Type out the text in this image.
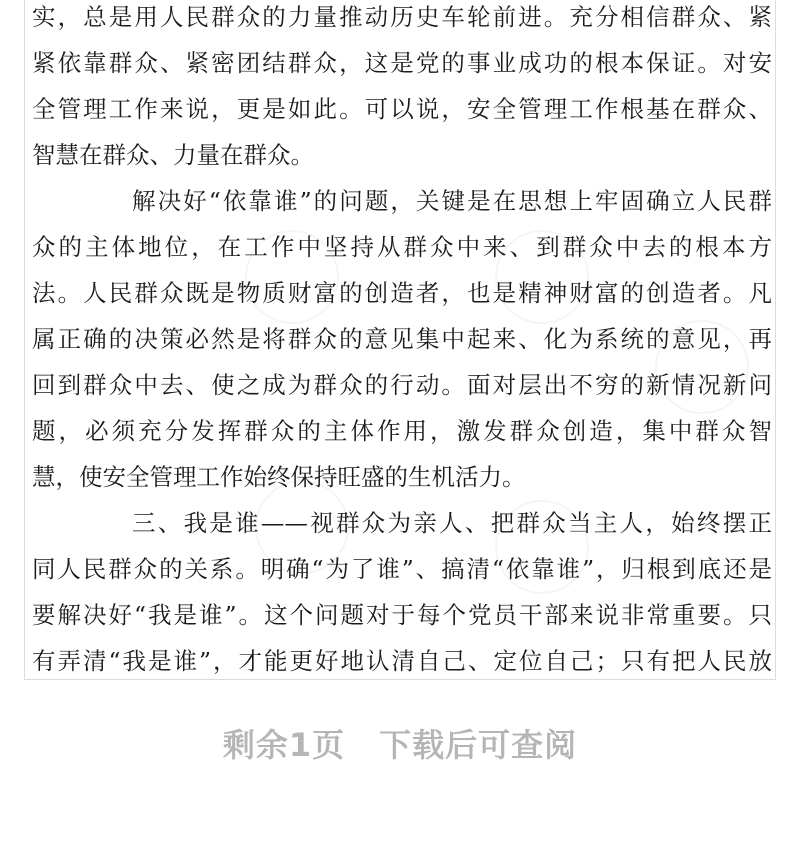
实，总是用人民群众的力量推动历史车轮前进。充分相信群众、紧
紧依靠群众、紧密团结群众，这是党的事业成功的根本保证。对安
全管理工作来说，更是如此。可以说，安全管理工作根基在群众、
智慧在群众、力量在群众。
解决好“依靠谁”的问题，关键是在思想上牢固确立人民群
众的主体地位，在工作中坚持从群众中来、到群众中去的根本方
法。人民群众既是物质财富的创造者，也是精神财富的创造者。凡
属正确的决策必然是将群众的意见集中起来、化为系统的意见，再
回到群众中去、使之成为群众的行动。面对层出不穷的新情况新问
题，必须充分发挥群众的主体作用，激发群众创造，集中群众智
慧，使安全管理工作始终保持旺盛的生机活力。
三、我是谁——视群众为亲人、把群众当主人，始终摆正
同人民群众的关系。明确“为了谁”、搞清“依靠谁”，归根到底还是
要解决好“我是谁”。这个问题对于每个党员干部来说非常重要。只
有弄清“我是谁”，才能更好地认清自己、定位自己；只有把人民放
剩余1页 下载后可查阅
